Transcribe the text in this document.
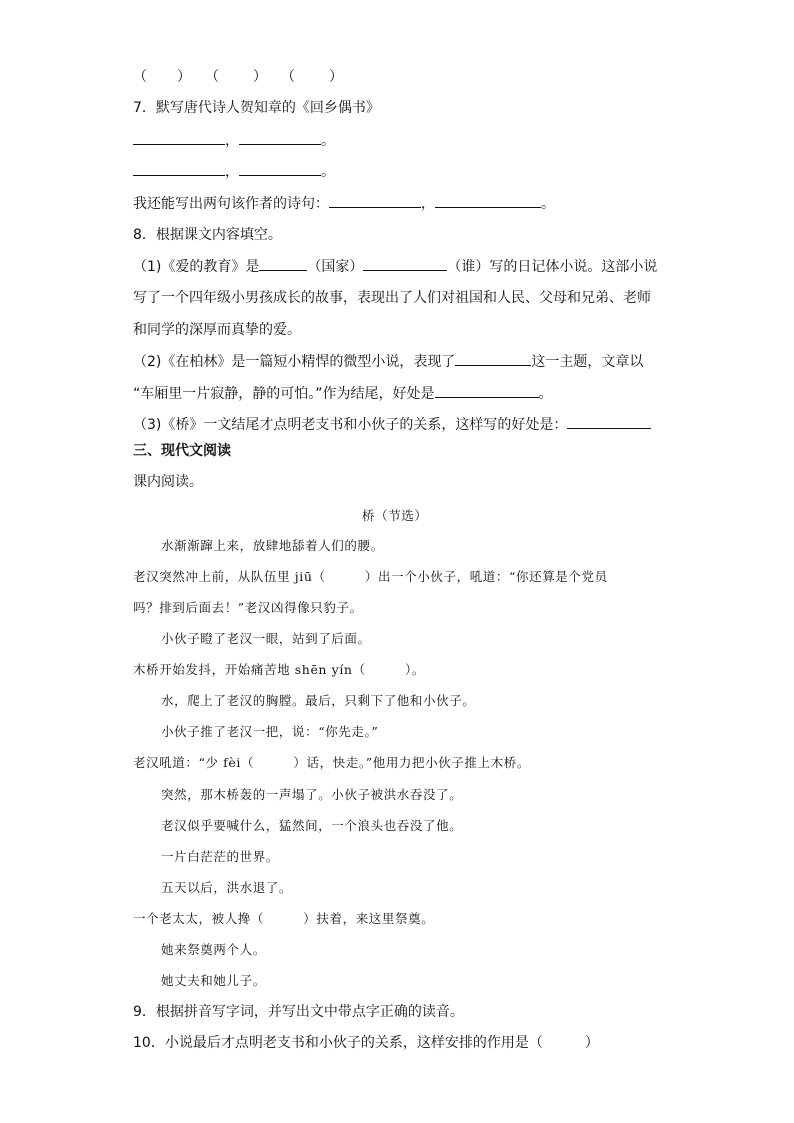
（ ） （ ） （ ）
7．默写唐代诗人贺知章的《回乡偶书》
，	。
，	。
我还能写出两句该作者的诗句：	，	。
8．根据课文内容填空。
（1)《爱的教育》是	（国家）	（谁）写的日记体小说。这部小说
写了一个四年级小男孩成长的故事，表现出了人们对祖国和人民、父母和兄弟、老师
和同学的深厚而真挚的爱。
（2)《在柏林》是一篇短小精悍的微型小说，表现了	这一主题，文章以
“车厢里一片寂静，静的可怕。”作为结尾，好处是	。
（3)《桥》一文结尾才点明老支书和小伙子的关系，这样写的好处是：
三、现代文阅读
课内阅读。
桥（节选）
水渐渐蹿上来，放肆地舔着人们的腰。
老汉突然冲上前，从队伍里 jiū（　　　）出一个小伙子，吼道：“你还算是个党员
吗？排到后面去！”老汉凶得像只豹子。
小伙子瞪了老汉一眼，站到了后面。
木桥开始发抖，开始痛苦地 shēn yín（　　　）。
水，爬上了老汉的胸膛。最后，只剩下了他和小伙子。
小伙子推了老汉一把，说：“你先走。”
老汉吼道：“少 fèi（　　　）话，快走。”他用力把小伙子推上木桥。
突然，那木桥轰的一声塌了。小伙子被洪水吞没了。
老汉似乎要喊什么，猛然间，一个浪头也吞没了他。
一片白茫茫的世界。
五天以后，洪水退了。
一个老太太，被人搀（　　　）扶着，来这里祭奠。
她来祭奠两个人。
她丈夫和她儿子。
9．根据拼音写字词，并写出文中带点字正确的读音。
10．小说最后才点明老支书和小伙子的关系，这样安排的作用是（　　　）
